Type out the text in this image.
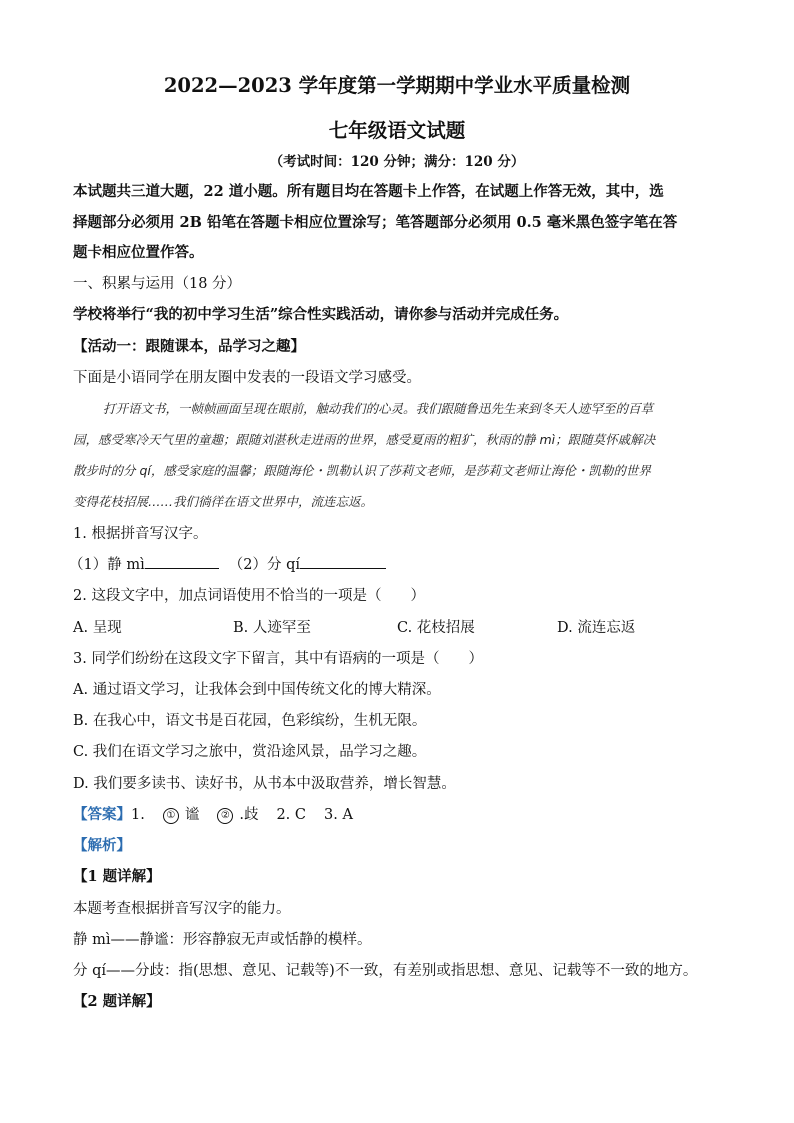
2022—2023 学年度第一学期期中学业水平质量检测
七年级语文试题
（考试时间：120 分钟；满分：120 分）
本试题共三道大题，22 道小题。所有题目均在答题卡上作答，在试题上作答无效，其中，选
择题部分必须用 2B 铅笔在答题卡相应位置涂写；笔答题部分必须用 0.5 毫米黑色签字笔在答
题卡相应位置作答。
一、积累与运用（18 分）
学校将举行“我的初中学习生活”综合性实践活动，请你参与活动并完成任务。
【活动一：跟随课本，品学习之趣】
下面是小语同学在朋友圈中发表的一段语文学习感受。
打开语文书，一帧帧画面呈现在眼前，触动我们的心灵。我们跟随鲁迅先生来到冬天人迹罕至的百草
园，感受寒冷天气里的童趣；跟随刘湛秋走进雨的世界，感受夏雨的粗犷，秋雨的静 mì；跟随莫怀戚解决
散步时的分 qí，感受家庭的温馨；跟随海伦・凯勒认识了莎莉文老师，是莎莉文老师让海伦・凯勒的世界
变得花枝招展……我们徜徉在语文世界中，流连忘返。
1. 根据拼音写汉字。
（1）静 mì	（2）分 qí
2. 这段文字中，加点词语使用不恰当的一项是（　　）
A. 呈现	B. 人迹罕至	C. 花枝招展	D. 流连忘返
3. 同学们纷纷在这段文字下留言，其中有语病的一项是（　　）
A. 通过语文学习，让我体会到中国传统文化的博大精深。
B. 在我心中，语文书是百花园，色彩缤纷，生机无限。
C. 我们在语文学习之旅中，赏沿途风景，品学习之趣。
D. 我们要多读书、读好书，从书本中汲取营养，增长智慧。
【答案】1. ① 谧 ② .歧 2. C 3. A
【解析】
【1 题详解】
本题考查根据拼音写汉字的能力。
静 mì——静谧：形容静寂无声或恬静的模样。
分 qí——分歧：指(思想、意见、记载等)不一致，有差别或指思想、意见、记载等不一致的地方。
【2 题详解】
